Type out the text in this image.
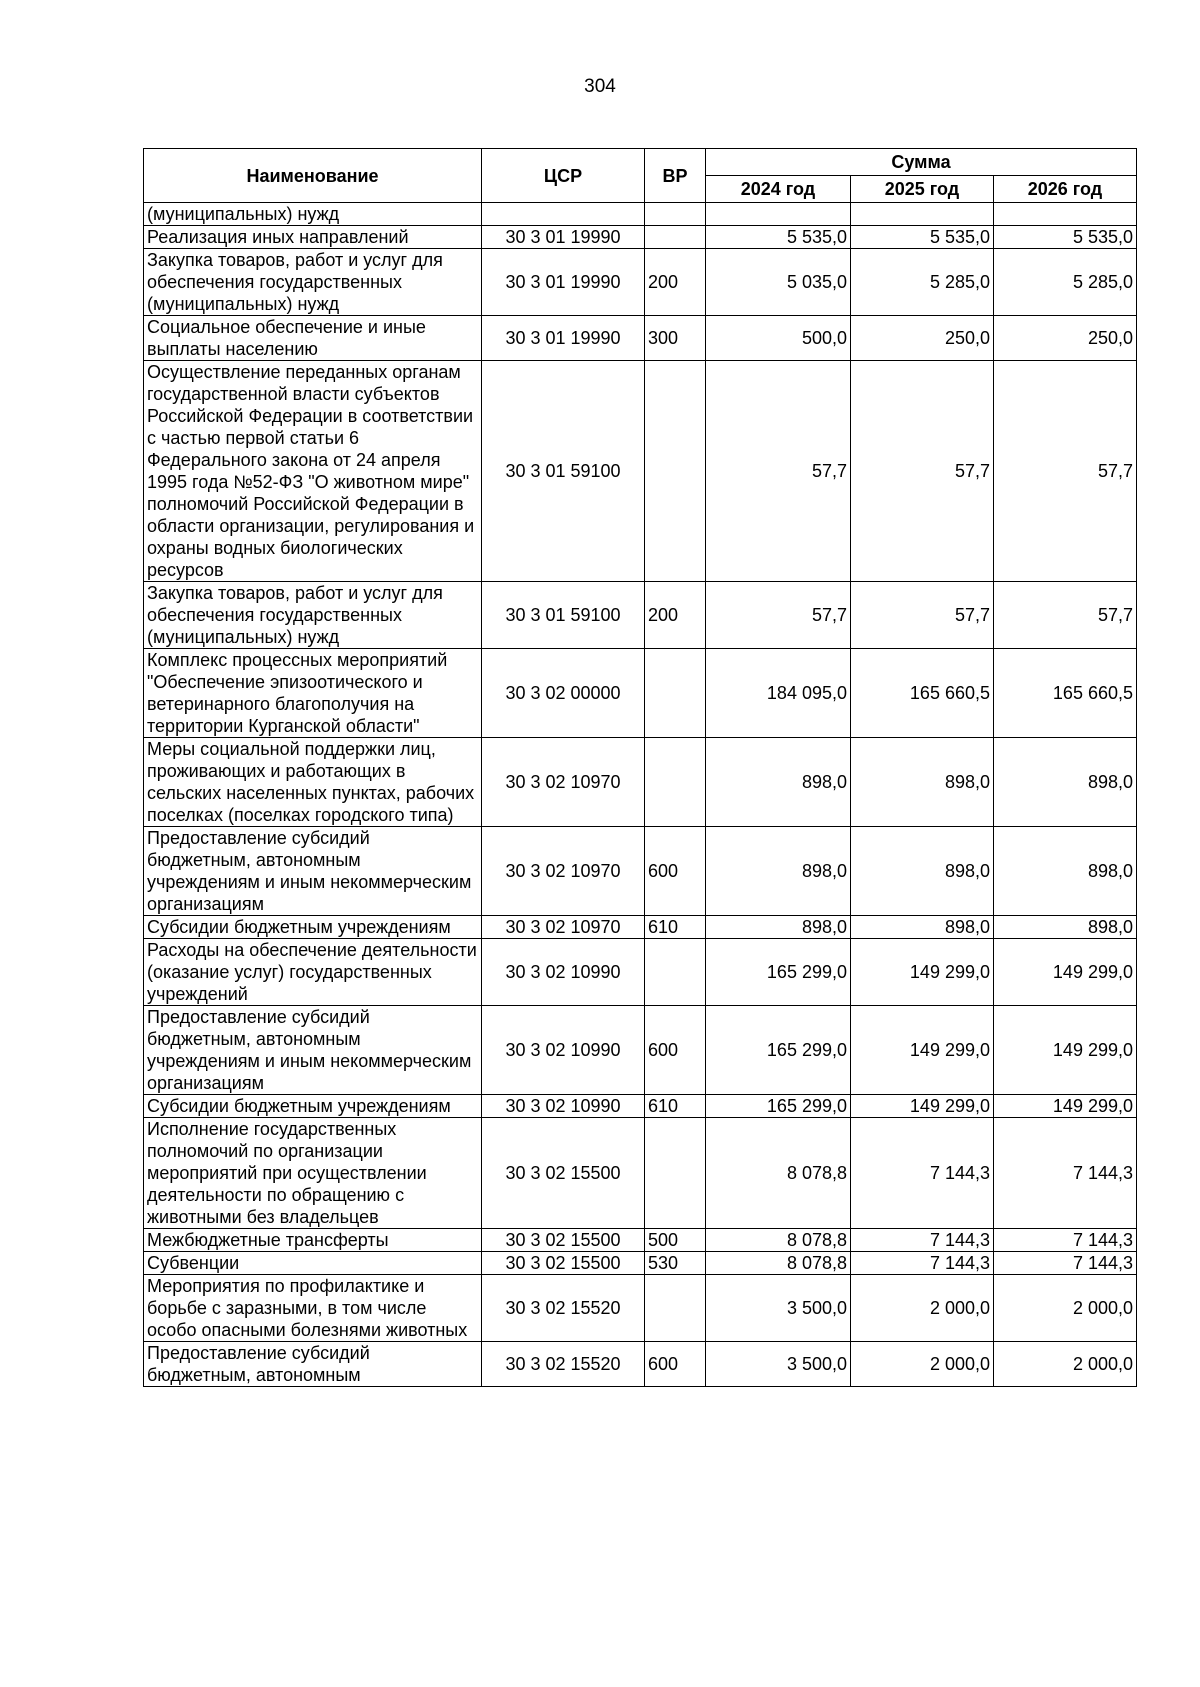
304
Наименование	ЦСР	ВР	Сумма		
			2024 год	2025 год	2026 год
(муниципальных) нужд					
Реализация иных направлений	30 3 01 19990		5 535,0	5 535,0	5 535,0
Закупка товаров, работ и услуг для обеспечения государственных (муниципальных) нужд	30 3 01 19990	200	5 035,0	5 285,0	5 285,0
Социальное обеспечение и иные выплаты населению	30 3 01 19990	300	500,0	250,0	250,0
Осуществление переданных органам государственной власти субъектов Российской Федерации в соответствии с частью первой статьи 6 Федерального закона от 24 апреля 1995 года №52-ФЗ "О животном мире" полномочий Российской Федерации в области организации, регулирования и охраны водных биологических ресурсов	30 3 01 59100		57,7	57,7	57,7
Закупка товаров, работ и услуг для обеспечения государственных (муниципальных) нужд	30 3 01 59100	200	57,7	57,7	57,7
Комплекс процессных мероприятий "Обеспечение эпизоотического и ветеринарного благополучия на территории Курганской области"	30 3 02 00000		184 095,0	165 660,5	165 660,5
Меры социальной поддержки лиц, проживающих и работающих в сельских населенных пунктах, рабочих поселках (поселках городского типа)	30 3 02 10970		898,0	898,0	898,0
Предоставление субсидий бюджетным, автономным учреждениям и иным некоммерческим организациям	30 3 02 10970	600	898,0	898,0	898,0
Субсидии бюджетным учреждениям	30 3 02 10970	610	898,0	898,0	898,0
Расходы на обеспечение деятельности (оказание услуг) государственных учреждений	30 3 02 10990		165 299,0	149 299,0	149 299,0
Предоставление субсидий бюджетным, автономным учреждениям и иным некоммерческим организациям	30 3 02 10990	600	165 299,0	149 299,0	149 299,0
Субсидии бюджетным учреждениям	30 3 02 10990	610	165 299,0	149 299,0	149 299,0
Исполнение государственных полномочий по организации мероприятий при осуществлении деятельности по обращению с животными без владельцев	30 3 02 15500		8 078,8	7 144,3	7 144,3
Межбюджетные трансферты	30 3 02 15500	500	8 078,8	7 144,3	7 144,3
Субвенции	30 3 02 15500	530	8 078,8	7 144,3	7 144,3
Мероприятия по профилактике и борьбе с заразными, в том числе особо опасными болезнями животных	30 3 02 15520		3 500,0	2 000,0	2 000,0
Предоставление субсидий бюджетным, автономным	30 3 02 15520	600	3 500,0	2 000,0	2 000,0
